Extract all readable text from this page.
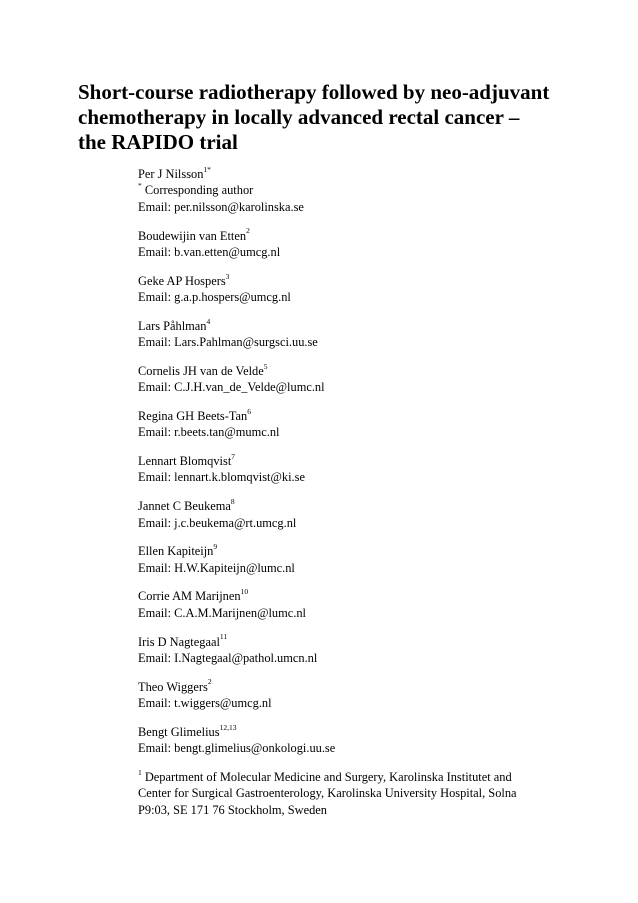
Short-course radiotherapy followed by neo-adjuvant
chemotherapy in locally advanced rectal cancer –
the RAPIDO trial
Per J Nilsson$^{1*}$
* Corresponding author
Email: per.nilsson@karolinska.se
Boudewijin van Etten$^2$
Email: b.van.etten@umcg.nl
Geke AP Hospers$^3$
Email: g.a.p.hospers@umcg.nl
Lars Påhlman$^4$
Email: Lars.Pahlman@surgsci.uu.se
Cornelis JH van de Velde$^5$
Email: C.J.H.van_de_Velde@lumc.nl
Regina GH Beets-Tan$^6$
Email: r.beets.tan@mumc.nl
Lennart Blomqvist$^7$
Email: lennart.k.blomqvist@ki.se
Jannet C Beukema$^8$
Email: j.c.beukema@rt.umcg.nl
Ellen Kapiteijn$^9$
Email: H.W.Kapiteijn@lumc.nl
Corrie AM Marijnen$^{10}$
Email: C.A.M.Marijnen@lumc.nl
Iris D Nagtegaal$^{11}$
Email: I.Nagtegaal@pathol.umcn.nl
Theo Wiggers$^2$
Email: t.wiggers@umcg.nl
Bengt Glimelius$^{12,13}$
Email: bengt.glimelius@onkologi.uu.se
$^1$ Department of Molecular Medicine and Surgery, Karolinska Institutet and
Center for Surgical Gastroenterology, Karolinska University Hospital, Solna
P9:03, SE 171 76 Stockholm, Sweden
